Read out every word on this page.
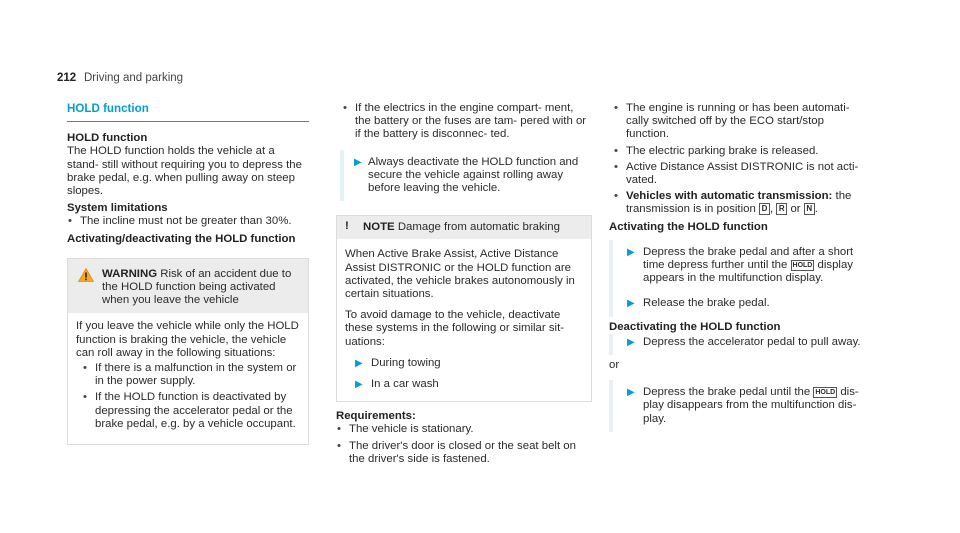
212 Driving and parking
HOLD function

HOLD function

The HOLD function holds the vehicle at a stand- still without requiring you to depress the brake pedal, e.g. when pulling away on steep slopes.

System limitations

• The incline must not be greater than 30%.

Activating/deactivating the HOLD function

WARNING Risk of an accident due to the HOLD function being activated when you leave the vehicle

If you leave the vehicle while only the HOLD function is braking the vehicle, the vehicle can roll away in the following situations:

• If there is a malfunction in the system or in the power supply.
• If the HOLD function is deactivated by depressing the accelerator pedal or the brake pedal, e.g. by a vehicle occupant.
• If the electrics in the engine compart- ment, the battery or the fuses are tam- pered with or if the battery is disconnec- ted.
▶ Always deactivate the HOLD function and secure the vehicle against rolling away before leaving the vehicle.
! NOTE Damage from automatic braking

When Active Brake Assist, Active Distance Assist DISTRONIC or the HOLD function are activated, the vehicle brakes autonomously in certain situations.

To avoid damage to the vehicle, deactivate these systems in the following or similar sit- uations:

▶ During towing
▶ In a car wash

Requirements:

• The vehicle is stationary.
• The driver's door is closed or the seat belt on the driver's side is fastened.
• The engine is running or has been automati- cally switched off by the ECO start/stop function.
• The electric parking brake is released.
• Active Distance Assist DISTRONIC is not acti- vated.
• Vehicles with automatic transmission: the transmission is in position D , R or N .

Activating the HOLD function

▶ Depress the brake pedal and after a short time depress further until the HOLD display appears in the multifunction display.
▶ Release the brake pedal.

Deactivating the HOLD function

▶ Depress the accelerator pedal to pull away.

or

▶ Depress the brake pedal until the HOLD dis- play disappears from the multifunction dis- play.
